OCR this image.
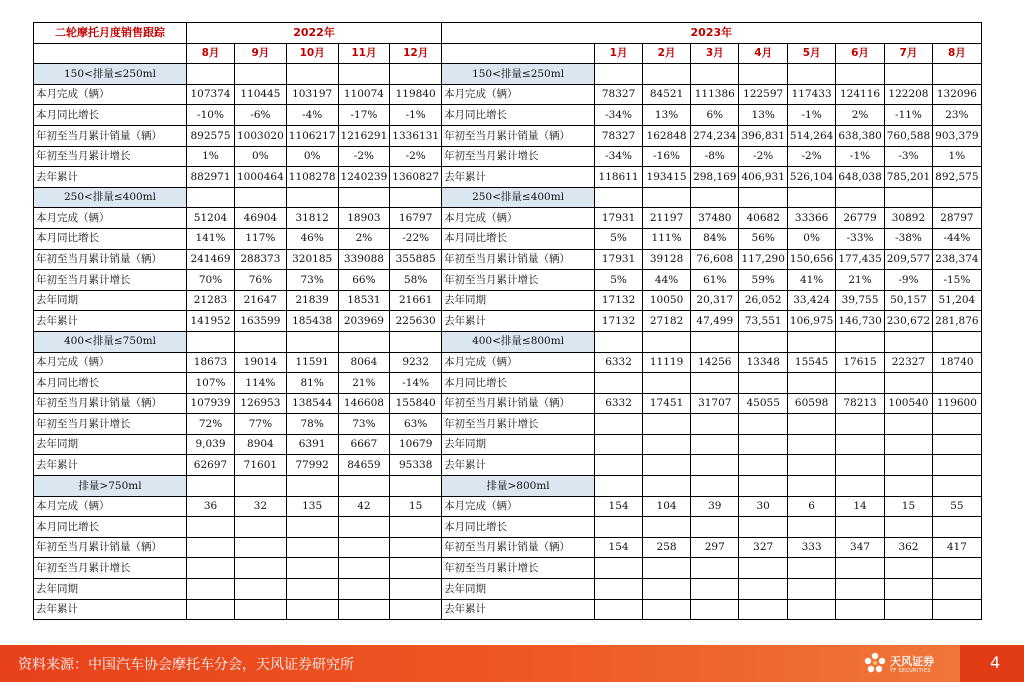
二轮摩托月度销售跟踪	2022年					2023年								
	8月	9月	10月	11月	12月		1月	2月	3月	4月	5月	6月	7月	8月
150<排量≤250ml						150<排量≤250ml								
本月完成（辆）	107374	110445	103197	110074	119840	本月完成（辆）	78327	84521	111386	122597	117433	124116	122208	132096
本月同比增长	-10%	-6%	-4%	-17%	-1%	本月同比增长	-34%	13%	6%	13%	-1%	2%	-11%	23%
年初至当月累计销量（辆）	892575	1003020	1106217	1216291	1336131	年初至当月累计销量（辆）	78327	162848	274,234	396,831	514,264	638,380	760,588	903,379
年初至当月累计增长	1%	0%	0%	-2%	-2%	年初至当月累计增长	-34%	-16%	-8%	-2%	-2%	-1%	-3%	1%
去年累计	882971	1000464	1108278	1240239	1360827	去年累计	118611	193415	298,169	406,931	526,104	648,038	785,201	892,575
250<排量≤400ml						250<排量≤400ml								
本月完成（辆）	51204	46904	31812	18903	16797	本月完成（辆）	17931	21197	37480	40682	33366	26779	30892	28797
本月同比增长	141%	117%	46%	2%	-22%	本月同比增长	5%	111%	84%	56%	0%	-33%	-38%	-44%
年初至当月累计销量（辆）	241469	288373	320185	339088	355885	年初至当月累计销量（辆）	17931	39128	76,608	117,290	150,656	177,435	209,577	238,374
年初至当月累计增长	70%	76%	73%	66%	58%	年初至当月累计增长	5%	44%	61%	59%	41%	21%	-9%	-15%
去年同期	21283	21647	21839	18531	21661	去年同期	17132	10050	20,317	26,052	33,424	39,755	50,157	51,204
去年累计	141952	163599	185438	203969	225630	去年累计	17132	27182	47,499	73,551	106,975	146,730	230,672	281,876
400<排量≤750ml						400<排量≤800ml								
本月完成（辆）	18673	19014	11591	8064	9232	本月完成（辆）	6332	11119	14256	13348	15545	17615	22327	18740
本月同比增长	107%	114%	81%	21%	-14%	本月同比增长								
年初至当月累计销量（辆）	107939	126953	138544	146608	155840	年初至当月累计销量（辆）	6332	17451	31707	45055	60598	78213	100540	119600
年初至当月累计增长	72%	77%	78%	73%	63%	年初至当月累计增长								
去年同期	9,039	8904	6391	6667	10679	去年同期								
去年累计	62697	71601	77992	84659	95338	去年累计								
排量>750ml						排量>800ml								
本月完成（辆）	36	32	135	42	15	本月完成（辆）	154	104	39	30	6	14	15	55
本月同比增长						本月同比增长								
年初至当月累计销量（辆）						年初至当月累计销量（辆）	154	258	297	327	333	347	362	417
年初至当月累计增长						年初至当月累计增长								
去年同期						去年同期								
去年累计						去年累计								
资料来源：中国汽车协会摩托车分会，天风证券研究所	天风证券
TF SECURITIES	4
